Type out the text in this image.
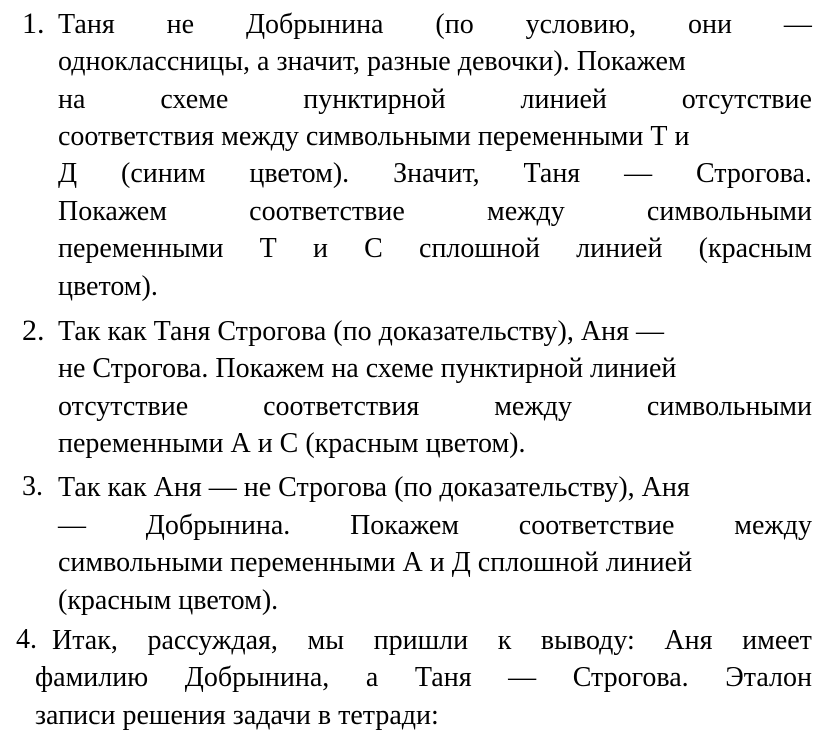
1. Таня не Добрынина (по условию, они —
одноклассницы, а значит, разные девочки). Покажем
на	схеме	пунктирной	линией	отсутствие
соответствия между символьными переменными Т и
Д (синим цветом). Значит, Таня — Строгова.
Покажем	соответствие	между	символьными
переменными Т и С сплошной линией (красным
цветом).
2. Так как Таня Строгова (по доказательству), Аня —
не Строгова. Покажем на схеме пунктирной линией
отсутствие	соответствия	между	символьными
переменными А и С (красным цветом).
3. Так как Аня — не Строгова (по доказательству), Аня
— Добрынина. Покажем соответствие между
символьными переменными А и Д сплошной линией
(красным цветом).
4. Итак, рассуждая, мы пришли к выводу: Аня имеет
фамилию Добрынина, а Таня — Строгова. Эталон
записи решения задачи в тетради:
